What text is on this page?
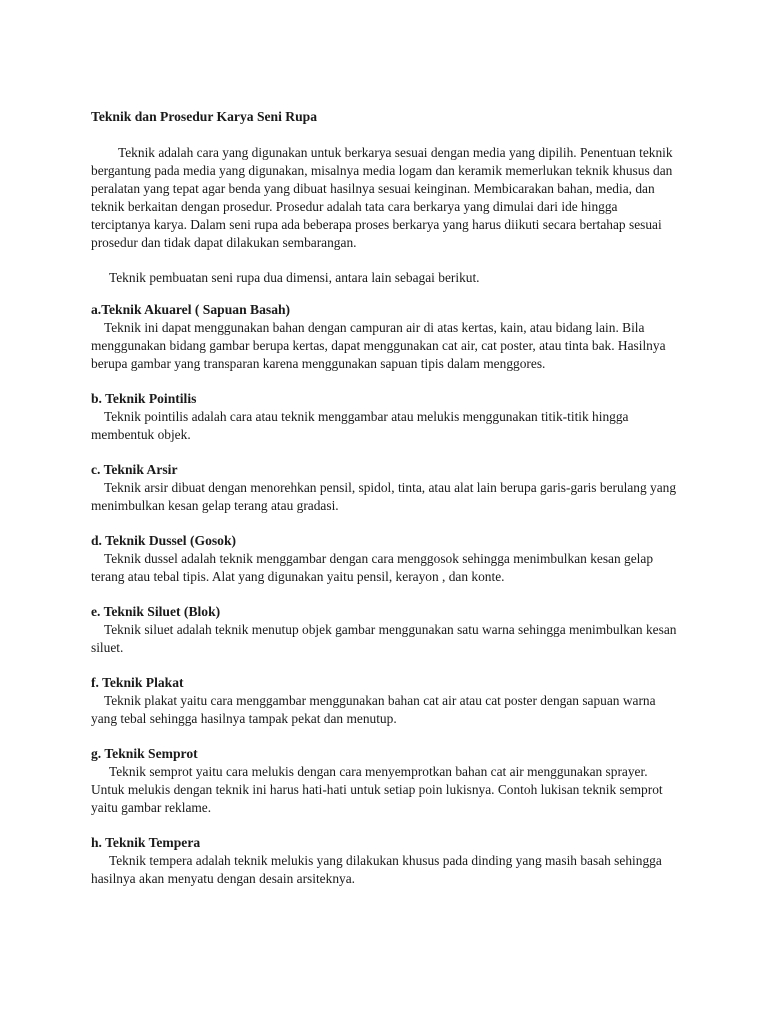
Teknik dan Prosedur Karya Seni Rupa

Teknik adalah cara yang digunakan untuk berkarya sesuai dengan media yang dipilih. Penentuan teknik bergantung pada media yang digunakan, misalnya media logam dan keramik memerlukan teknik khusus dan peralatan yang tepat agar benda yang dibuat hasilnya sesuai keinginan. Membicarakan bahan, media, dan teknik berkaitan dengan prosedur. Prosedur adalah tata cara berkarya yang dimulai dari ide hingga terciptanya karya. Dalam seni rupa ada beberapa proses berkarya yang harus diikuti secara bertahap sesuai prosedur dan tidak dapat dilakukan sembarangan.

Teknik pembuatan seni rupa dua dimensi, antara lain sebagai berikut.

a.Teknik Akuarel ( Sapuan Basah)

Teknik ini dapat menggunakan bahan dengan campuran air di atas kertas, kain, atau bidang lain. Bila menggunakan bidang gambar berupa kertas, dapat menggunakan cat air, cat poster, atau tinta bak. Hasilnya berupa gambar yang transparan karena menggunakan sapuan tipis dalam menggores.

b. Teknik Pointilis

Teknik pointilis adalah cara atau teknik menggambar atau melukis menggunakan titik-titik hingga membentuk objek.

c. Teknik Arsir

Teknik arsir dibuat dengan menorehkan pensil, spidol, tinta, atau alat lain berupa garis-garis berulang yang menimbulkan kesan gelap terang atau gradasi.

d. Teknik Dussel (Gosok)

Teknik dussel adalah teknik menggambar dengan cara menggosok sehingga menimbulkan kesan gelap terang atau tebal tipis. Alat yang digunakan yaitu pensil, kerayon , dan konte.

e. Teknik Siluet (Blok)

Teknik siluet adalah teknik menutup objek gambar menggunakan satu warna sehingga menimbulkan kesan siluet.

f. Teknik Plakat

Teknik plakat yaitu cara menggambar menggunakan bahan cat air atau cat poster dengan sapuan warna yang tebal sehingga hasilnya tampak pekat dan menutup.

g. Teknik Semprot

Teknik semprot yaitu cara melukis dengan cara menyemprotkan bahan cat air menggunakan sprayer. Untuk melukis dengan teknik ini harus hati-hati untuk setiap poin lukisnya. Contoh lukisan teknik semprot yaitu gambar reklame.

h. Teknik Tempera

Teknik tempera adalah teknik melukis yang dilakukan khusus pada dinding yang masih basah sehingga hasilnya akan menyatu dengan desain arsiteknya.
